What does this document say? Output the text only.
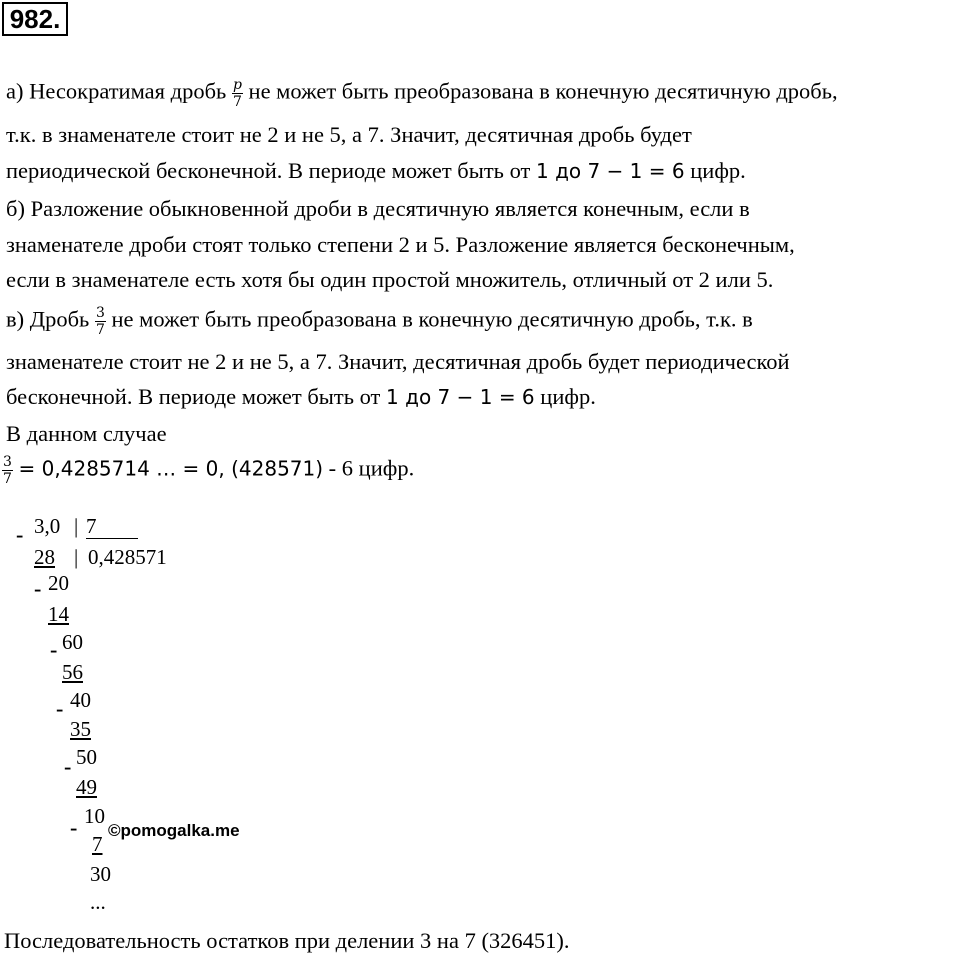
982.
а) Несократимая дробь $\frac{p}{7}$ не может быть преобразована в конечную десятичную дробь,
т.к. в знаменателе стоит не 2 и не 5, а 7. Значит, десятичная дробь будет
периодической бесконечной. В периоде может быть от 1 до 7 − 1 = 6 цифр.
б) Разложение обыкновенной дроби в десятичную является конечным, если в
знаменателе дроби стоят только степени 2 и 5. Разложение является бесконечным,
если в знаменателе есть хотя бы один простой множитель, отличный от 2 или 5.
в) Дробь $\frac{3}{7}$ не может быть преобразована в конечную десятичную дробь, т.к. в
знаменателе стоит не 2 и не 5, а 7. Значит, десятичная дробь будет периодической
бесконечной. В периоде может быть от 1 до 7 − 1 = 6 цифр.
В данном случае
$\frac{3}{7} = 0,4285714$ … = 0, (428571) - 6 цифр.
- 3,0 | 7
28 | 0,428571
- 20
14
- 60
56
- 40
35
- 50
49
- 10
7
30
...
©pomogalka.me
Последовательность остатков при делении 3 на 7 (326451).
